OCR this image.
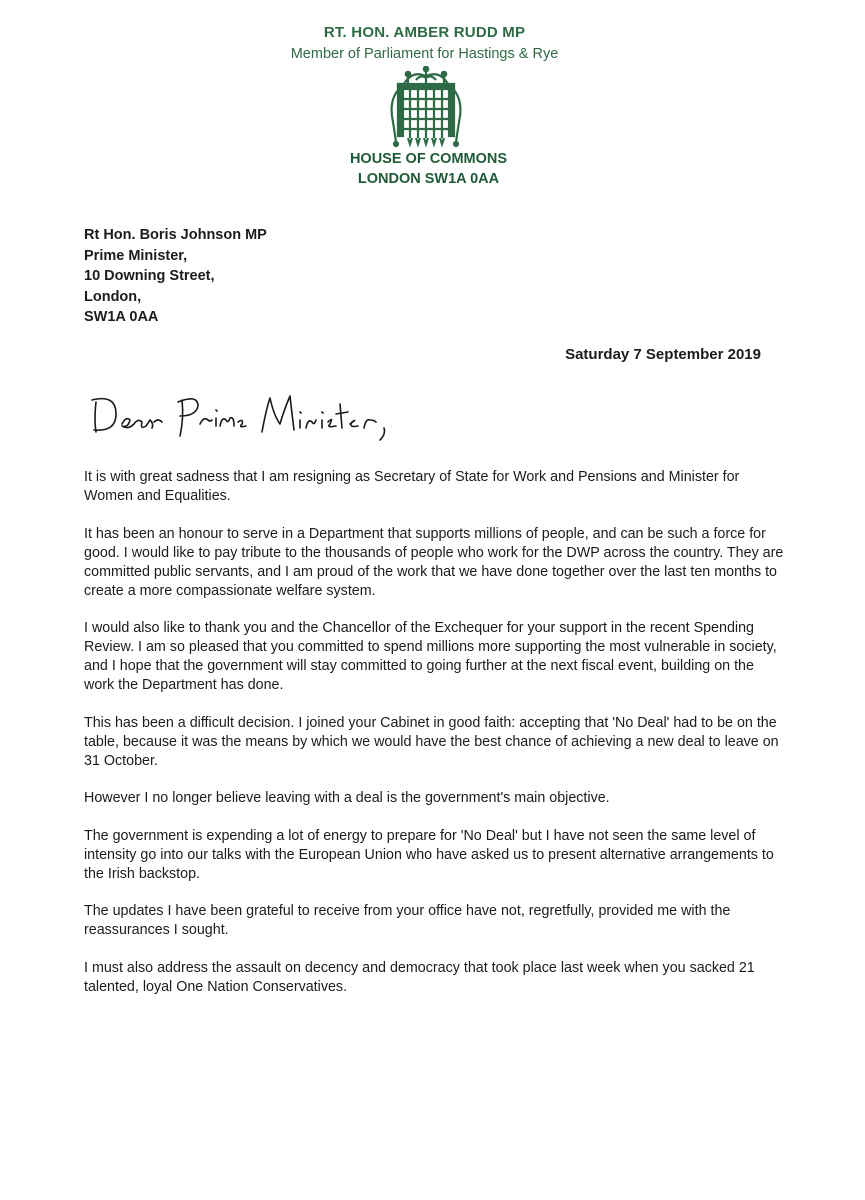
RT. HON. AMBER RUDD MP
Member of Parliament for Hastings & Rye
HOUSE OF COMMONS
LONDON SW1A 0AA
Rt Hon. Boris Johnson MP
Prime Minister,
10 Downing Street,
London,
SW1A 0AA
Saturday 7 September 2019

It is with great sadness that I am resigning as Secretary of State for Work and Pensions and Minister for Women and Equalities.

It has been an honour to serve in a Department that supports millions of people, and can be such a force for good. I would like to pay tribute to the thousands of people who work for the DWP across the country. They are committed public servants, and I am proud of the work that we have done together over the last ten months to create a more compassionate welfare system.

I would also like to thank you and the Chancellor of the Exchequer for your support in the recent Spending Review. I am so pleased that you committed to spend millions more supporting the most vulnerable in society, and I hope that the government will stay committed to going further at the next fiscal event, building on the work the Department has done.

This has been a difficult decision. I joined your Cabinet in good faith: accepting that 'No Deal' had to be on the table, because it was the means by which we would have the best chance of achieving a new deal to leave on 31 October.

However I no longer believe leaving with a deal is the government's main objective.

The government is expending a lot of energy to prepare for 'No Deal' but I have not seen the same level of intensity go into our talks with the European Union who have asked us to present alternative arrangements to the Irish backstop.

The updates I have been grateful to receive from your office have not, regretfully, provided me with the reassurances I sought.

I must also address the assault on decency and democracy that took place last week when you sacked 21 talented, loyal One Nation Conservatives.
